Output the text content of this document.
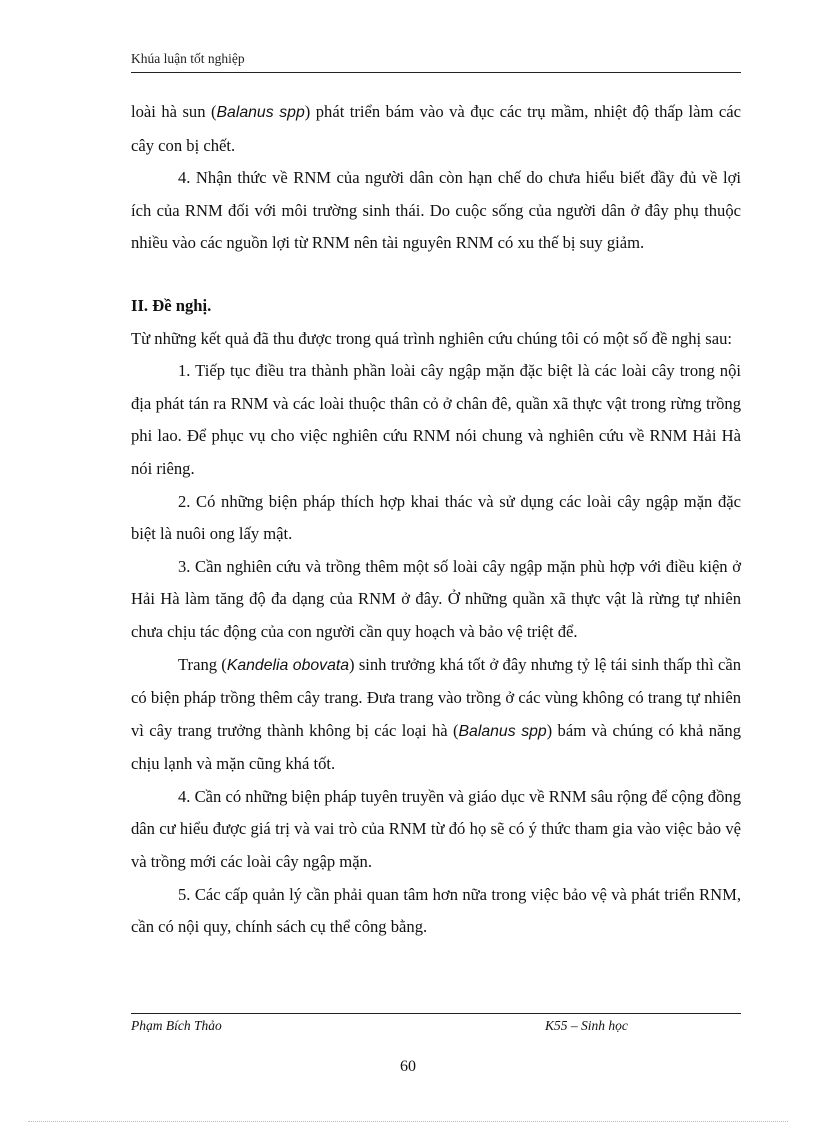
Khúa luận tốt nghiệp

loài hà sun (Balanus spp) phát triển bám vào và đục các trụ mầm, nhiệt độ thấp làm các cây con bị chết.

4. Nhận thức về RNM của người dân còn hạn chế do chưa hiểu biết đầy đủ về lợi ích của RNM đối với môi trường sinh thái. Do cuộc sống của người dân ở đây phụ thuộc nhiều vào các nguồn lợi từ RNM nên tài nguyên RNM có xu thế bị suy giảm.

II. Đề nghị.

Từ những kết quả đã thu được trong quá trình nghiên cứu chúng tôi có một số đề nghị sau:

1. Tiếp tục điều tra thành phần loài cây ngập mặn đặc biệt là các loài cây trong nội địa phát tán ra RNM và các loài thuộc thân cỏ ở chân đê, quần xã thực vật trong rừng trồng phi lao. Để phục vụ cho việc nghiên cứu RNM nói chung và nghiên cứu về RNM Hải Hà nói riêng.

2. Có những biện pháp thích hợp khai thác và sử dụng các loài cây ngập mặn đặc biệt là nuôi ong lấy mật.

3. Cần nghiên cứu và trồng thêm một số loài cây ngập mặn phù hợp với điều kiện ở Hải Hà làm tăng độ đa dạng của RNM ở đây. Ở những quần xã thực vật là rừng tự nhiên chưa chịu tác động của con người cần quy hoạch và bảo vệ triệt để.

Trang (Kandelia obovata) sinh trưởng khá tốt ở đây nhưng tỷ lệ tái sinh thấp thì cần có biện pháp trồng thêm cây trang. Đưa trang vào trồng ở các vùng không có trang tự nhiên vì cây trang trưởng thành không bị các loại hà (Balanus spp) bám và chúng có khả năng chịu lạnh và mặn cũng khá tốt.

4. Cần có những biện pháp tuyên truyền và giáo dục về RNM sâu rộng để cộng đồng dân cư hiểu được giá trị và vai trò của RNM từ đó họ sẽ có ý thức tham gia vào việc bảo vệ và trồng mới các loài cây ngập mặn.

5. Các cấp quản lý cần phải quan tâm hơn nữa trong việc bảo vệ và phát triển RNM, cần có nội quy, chính sách cụ thể công bằng.

Phạm Bích Thảo	K55 – Sinh học
60
